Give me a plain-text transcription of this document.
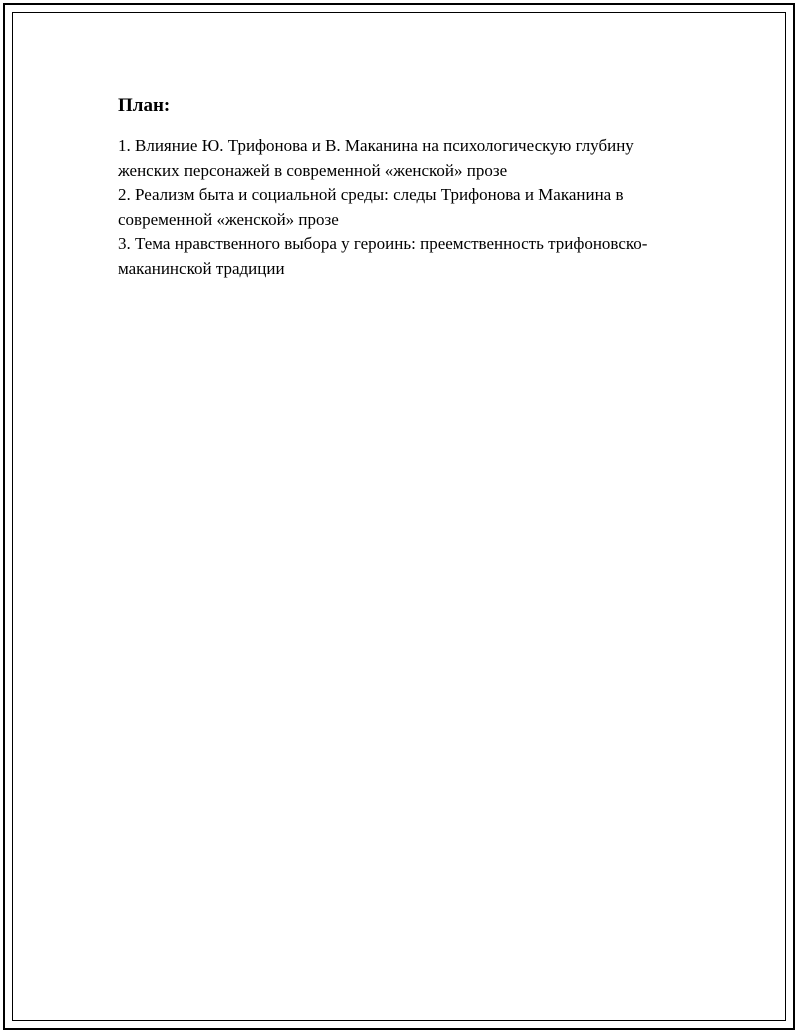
План:
1. Влияние Ю. Трифонова и В. Маканина на психологическую глубину женских персонажей в современной «женской» прозе
2. Реализм быта и социальной среды: следы Трифонова и Маканина в современной «женской» прозе
3. Тема нравственного выбора у героинь: преемственность трифоновско-маканинской традиции
